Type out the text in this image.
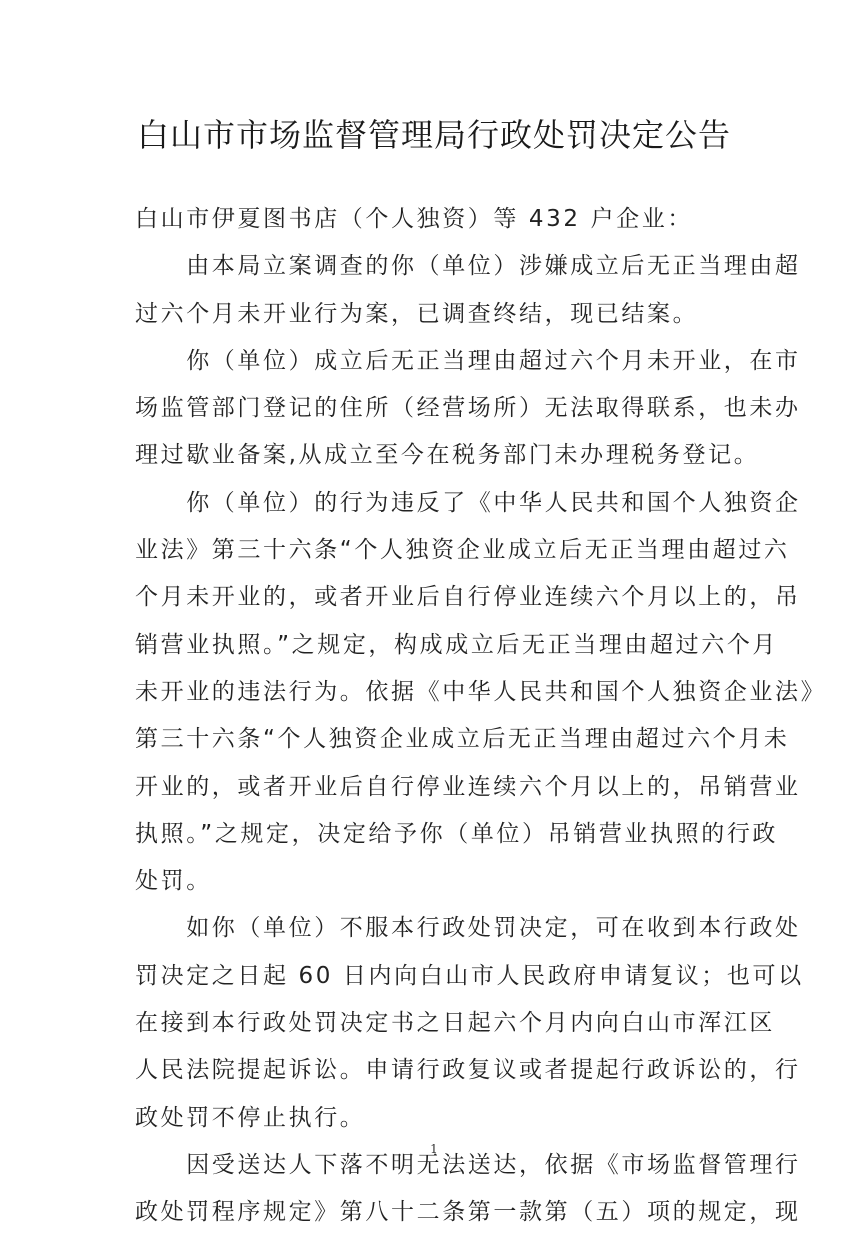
白山市市场监督管理局行政处罚决定公告
白山市伊夏图书店（个人独资）等 432 户企业：
　　由本局立案调查的你（单位）涉嫌成立后无正当理由超
过六个月未开业行为案，已调查终结，现已结案。
　　你（单位）成立后无正当理由超过六个月未开业，在市
场监管部门登记的住所（经营场所）无法取得联系，也未办
理过歇业备案,从成立至今在税务部门未办理税务登记。
　　你（单位）的行为违反了《中华人民共和国个人独资企
业法》第三十六条“个人独资企业成立后无正当理由超过六
个月未开业的，或者开业后自行停业连续六个月以上的，吊
销营业执照。”之规定，构成成立后无正当理由超过六个月
未开业的违法行为。依据《中华人民共和国个人独资企业法》
第三十六条“个人独资企业成立后无正当理由超过六个月未
开业的，或者开业后自行停业连续六个月以上的，吊销营业
执照。”之规定，决定给予你（单位）吊销营业执照的行政
处罚。
　　如你（单位）不服本行政处罚决定，可在收到本行政处
罚决定之日起 60 日内向白山市人民政府申请复议；也可以
在接到本行政处罚决定书之日起六个月内向白山市浑江区
人民法院提起诉讼。申请行政复议或者提起行政诉讼的，行
政处罚不停止执行。
　　因受送达人下落不明无法送达，依据《市场监督管理行
政处罚程序规定》第八十二条第一款第（五）项的规定，现
1
